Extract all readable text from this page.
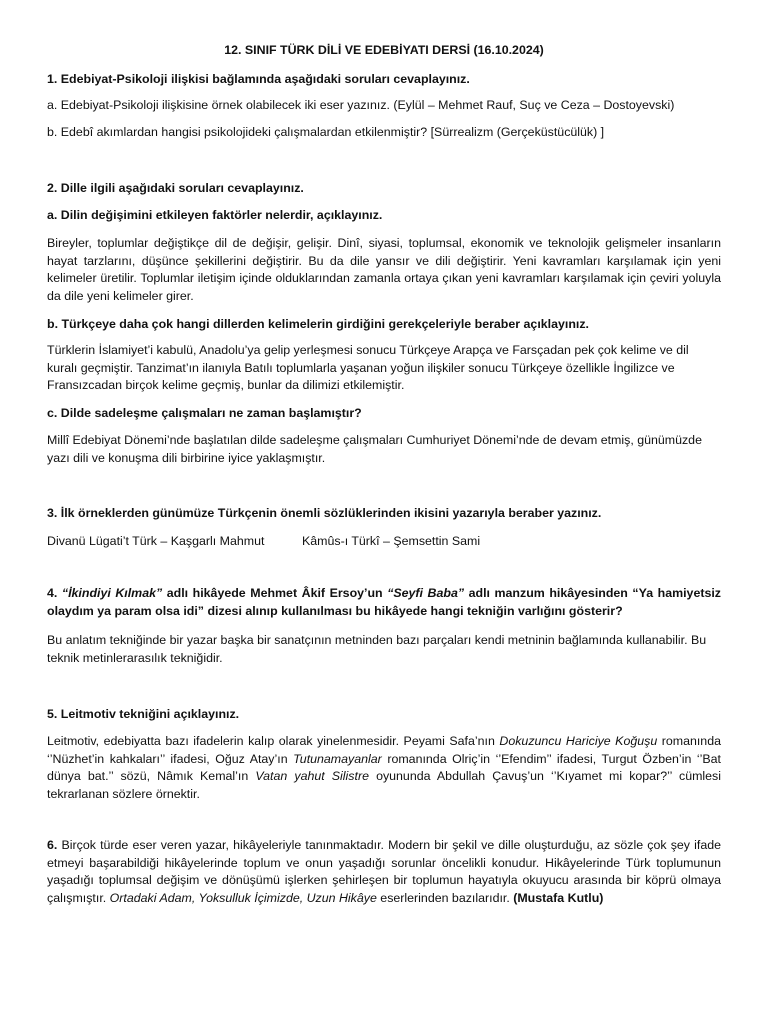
12. SINIF TÜRK DİLİ VE EDEBİYATI DERSİ (16.10.2024)

1. Edebiyat-Psikoloji ilişkisi bağlamında aşağıdaki soruları cevaplayınız.

a. Edebiyat-Psikoloji ilişkisine örnek olabilecek iki eser yazınız. (Eylül – Mehmet Rauf, Suç ve Ceza – Dostoyevski)

b. Edebî akımlardan hangisi psikolojideki çalışmalardan etkilenmiştir? [Sürrealizm (Gerçeküstücülük) ]

2. Dille ilgili aşağıdaki soruları cevaplayınız.

a. Dilin değişimini etkileyen faktörler nelerdir, açıklayınız.

Bireyler, toplumlar değiştikçe dil de değişir, gelişir. Dinî, siyasi, toplumsal, ekonomik ve teknolojik gelişmeler insanların hayat tarzlarını, düşünce şekillerini değiştirir. Bu da dile yansır ve dili değiştirir. Yeni kavramları karşılamak için yeni kelimeler üretilir. Toplumlar iletişim içinde olduklarından zamanla ortaya çıkan yeni kavramları karşılamak için çeviri yoluyla da dile yeni kelimeler girer.

b. Türkçeye daha çok hangi dillerden kelimelerin girdiğini gerekçeleriyle beraber açıklayınız.

Türklerin İslamiyet’i kabulü, Anadolu’ya gelip yerleşmesi sonucu Türkçeye Arapça ve Farsçadan pek çok kelime ve dil kuralı geçmiştir. Tanzimat’ın ilanıyla Batılı toplumlarla yaşanan yoğun ilişkiler sonucu Türkçeye özellikle İngilizce ve Fransızcadan birçok kelime geçmiş, bunlar da dilimizi etkilemiştir.

c. Dilde sadeleşme çalışmaları ne zaman başlamıştır?

Millî Edebiyat Dönemi’nde başlatılan dilde sadeleşme çalışmaları Cumhuriyet Dönemi’nde de devam etmiş, günümüzde yazı dili ve konuşma dili birbirine iyice yaklaşmıştır.

3. İlk örneklerden günümüze Türkçenin önemli sözlüklerinden ikisini yazarıyla beraber yazınız.

Divanü Lügati’t Türk – Kaşgarlı Mahmut	Kâmûs-ı Türkî – Şemsettin Sami

4. “İkindiyi Kılmak” adlı hikâyede Mehmet Âkif Ersoy’un “Seyfi Baba” adlı manzum hikâyesinden “Ya hamiyetsiz olaydım ya param olsa idi” dizesi alınıp kullanılması bu hikâyede hangi tekniğin varlığını gösterir?

Bu anlatım tekniğinde bir yazar başka bir sanatçının metninden bazı parçaları kendi metninin bağlamında kullanabilir. Bu teknik metinlerarasılık tekniğidir.

5. Leitmotiv tekniğini açıklayınız.

Leitmotiv, edebiyatta bazı ifadelerin kalıp olarak yinelenmesidir. Peyami Safa’nın Dokuzuncu Hariciye Koğuşu romanında ‘’Nüzhet’in kahkaları’’ ifadesi, Oğuz Atay’ın Tutunamayanlar romanında Olriç’in ‘’Efendim’’ ifadesi, Turgut Özben’in ‘’Bat dünya bat.’’ sözü, Nâmık Kemal’ın Vatan yahut Silistre oyununda Abdullah Çavuş’un ‘’Kıyamet mi kopar?’’ cümlesi tekrarlanan sözlere örnektir.

6. Birçok türde eser veren yazar, hikâyeleriyle tanınmaktadır. Modern bir şekil ve dille oluşturduğu, az sözle çok şey ifade etmeyi başarabildiği hikâyelerinde toplum ve onun yaşadığı sorunlar öncelikli konudur. Hikâyelerinde Türk toplumunun yaşadığı toplumsal değişim ve dönüşümü işlerken şehirleşen bir toplumun hayatıyla okuyucu arasında bir köprü olmaya çalışmıştır. Ortadaki Adam, Yoksulluk İçimizde, Uzun Hikâye eserlerinden bazılarıdır. (Mustafa Kutlu)
